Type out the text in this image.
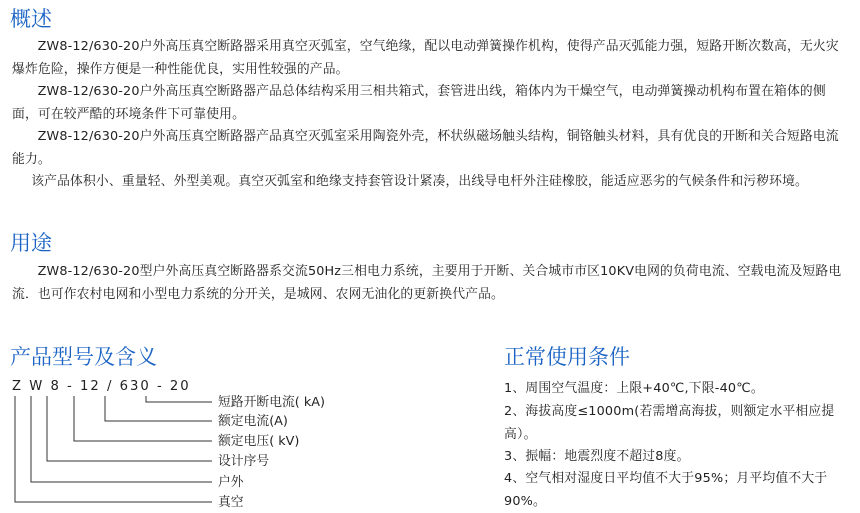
概述

ZW8-12/630-20户外高压真空断路器采用真空灭弧室，空气绝缘，配以电动弹簧操作机构，使得产品灭弧能力强，短路开断次数高，无火灾爆炸危险，操作方便是一种性能优良，实用性较强的产品。

ZW8-12/630-20户外高压真空断路器产品总体结构采用三相共箱式，套管进出线，箱体内为干燥空气，电动弹簧操动机构布置在箱体的侧面，可在较严酷的环境条件下可靠使用。

ZW8-12/630-20户外高压真空断路器产品真空灭弧室采用陶瓷外壳，杯状纵磁场触头结构，铜铬触头材料，具有优良的开断和关合短路电流能力。

该产品体积小、重量轻、外型美观。真空灭弧室和绝缘支持套管设计紧凑，出线导电杆外注硅橡胶，能适应恶劣的气候条件和污秽环境。

用途

ZW8-12/630-20型户外高压真空断路器系交流50Hz三相电力系统，主要用于开断、关合城市市区10KV电网的负荷电流、空载电流及短路电流．也可作农村电网和小型电力系统的分开关，是城网、农网无油化的更新换代产品。

产品型号及含义
Z W 8 - 12 / 630 - 20
短路开断电流( kA)
额定电流(A)
额定电压( kV)
设计序号
户外
真空
正常使用条件

1、周围空气温度：上限+40℃,下限-40℃。

2、海拔高度≤1000m(若需增高海拔，则额定水平相应提高）。

3、振幅：地震烈度不超过8度。

4、空气相对湿度日平均值不大于95%；月平均值不大于90%。
